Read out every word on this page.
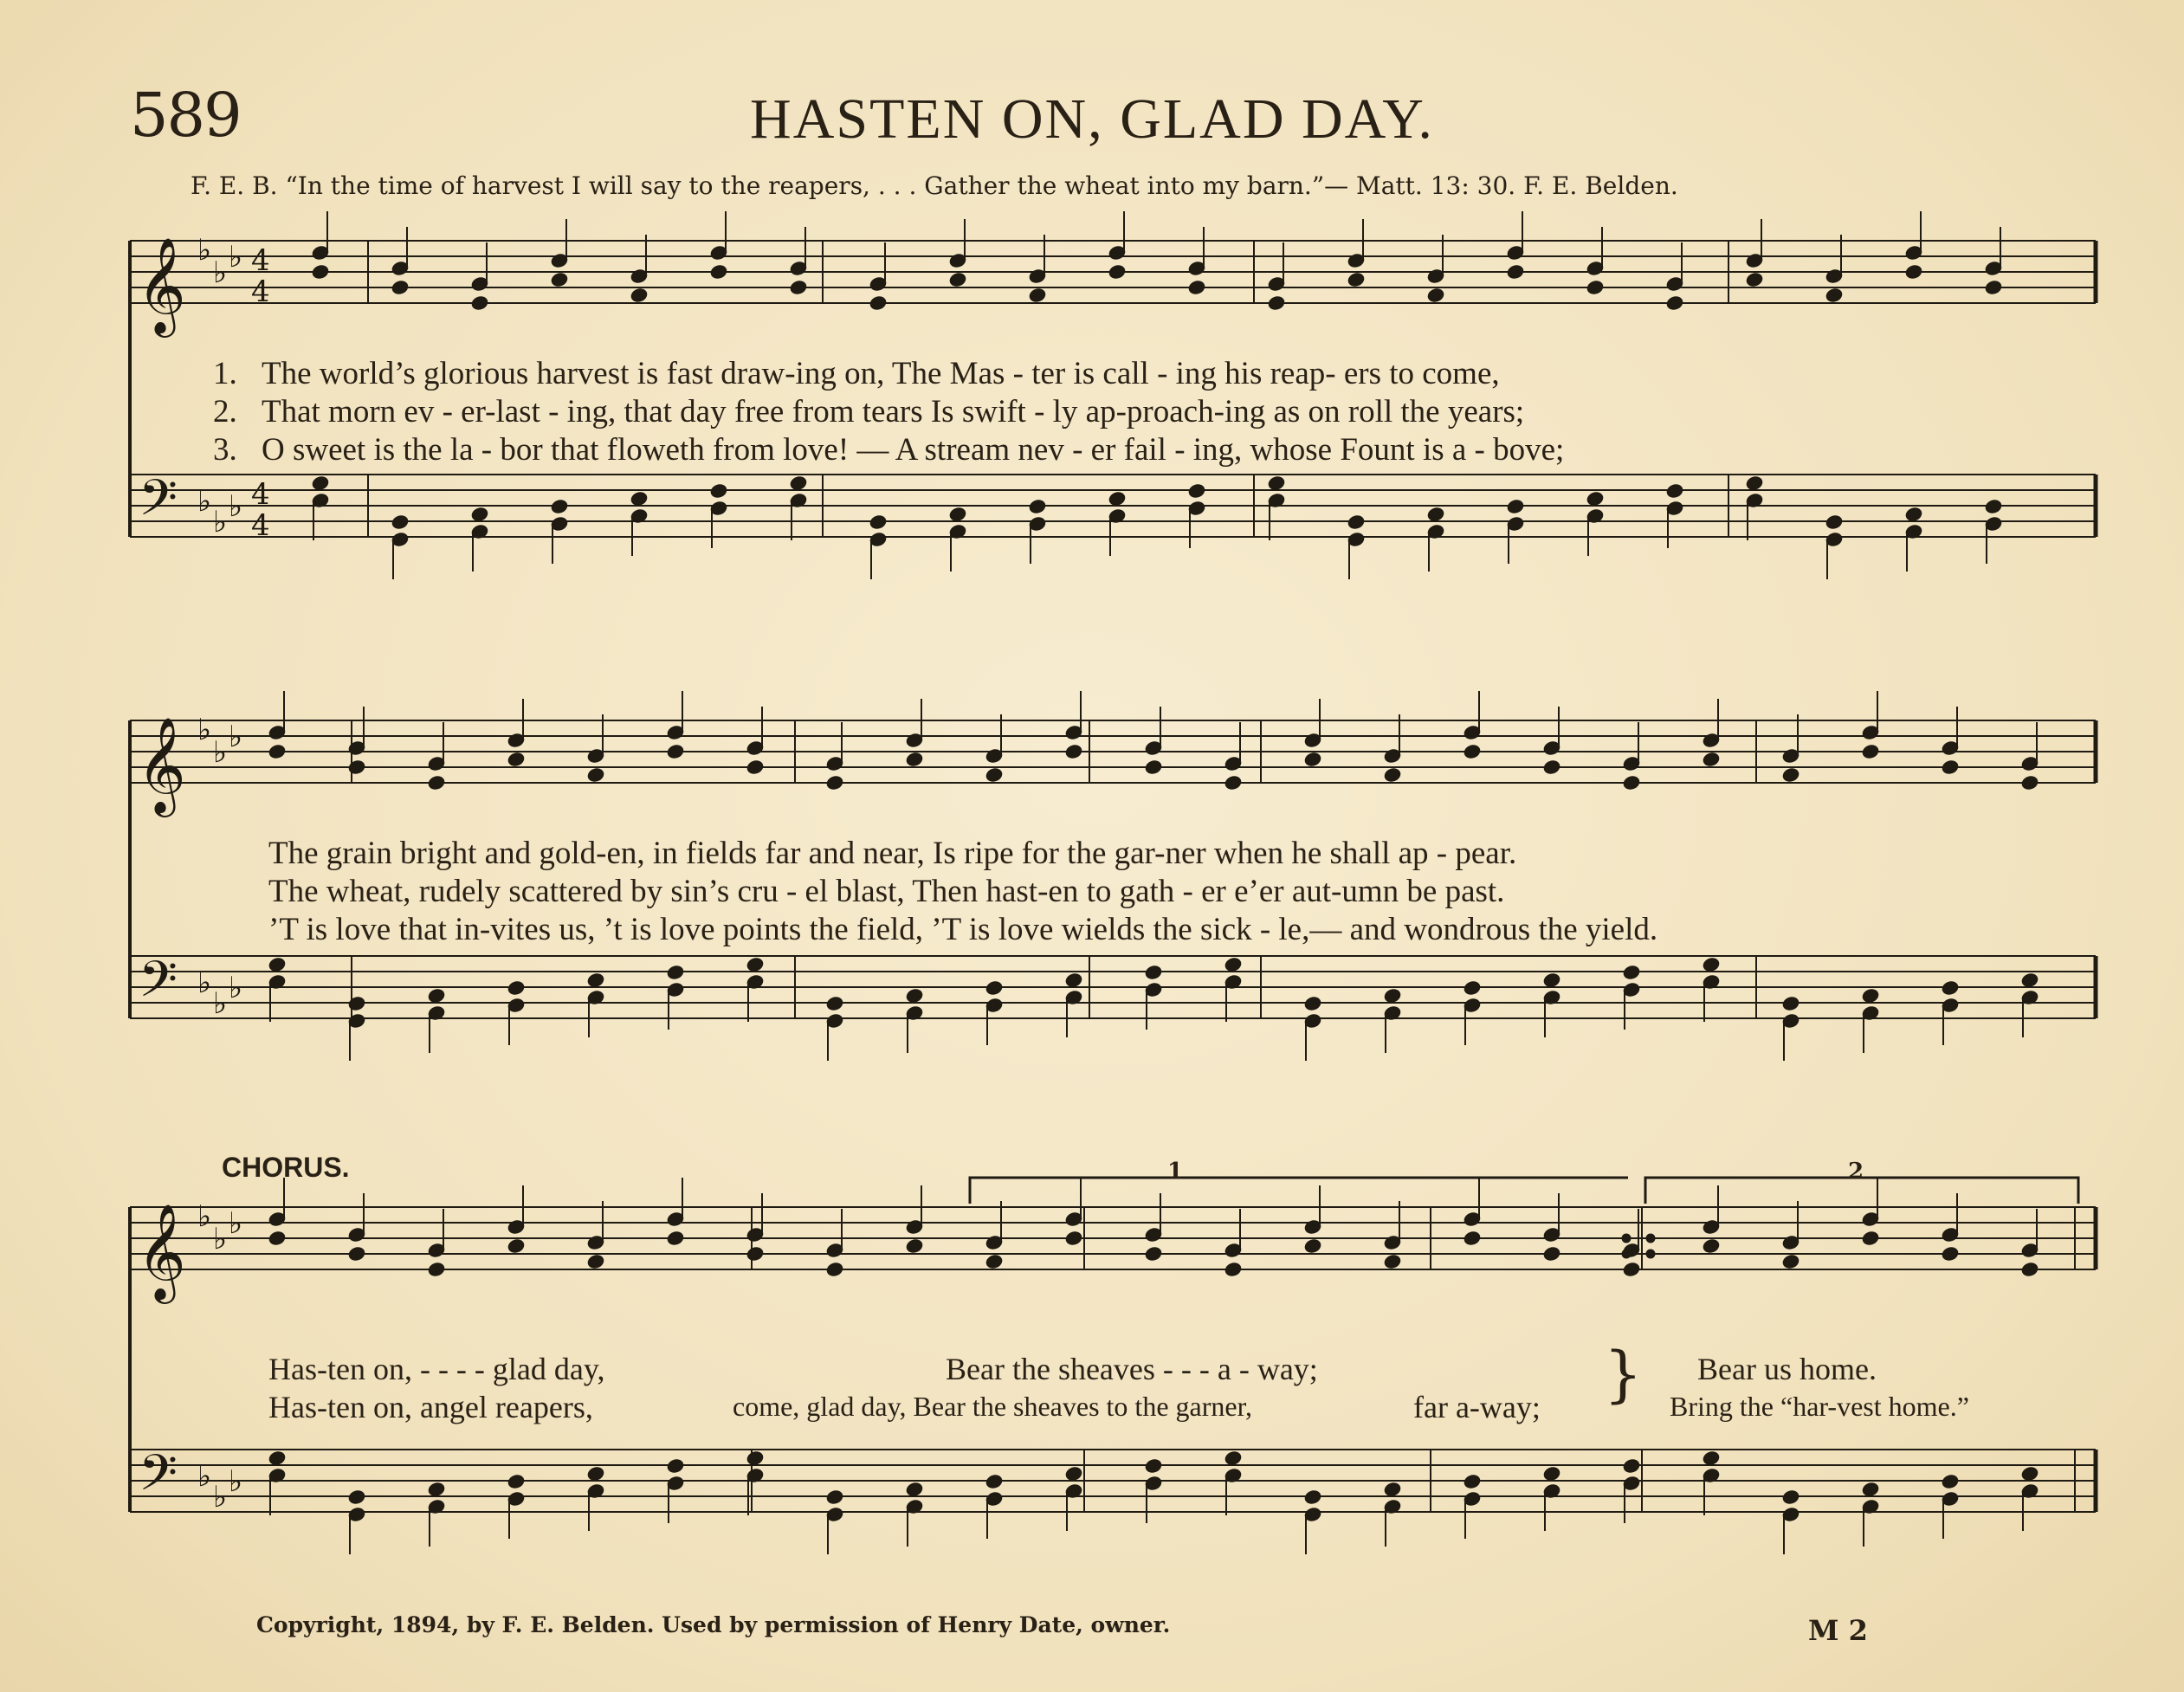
589	HASTEN ON, GLAD DAY.
F. E. B. “In the time of harvest I will say to the reapers, . . . Gather the wheat into my barn.”— Matt. 13: 30. F. E. Belden.
𝄞
𝄢
♭
♭
♭
♭
♭
♭
4
4
4
4
𝄞
𝄢
♭
♭
♭
♭
♭
♭
𝄞
𝄢
♭
♭
♭
♭
♭
♭
1. The world’s glorious harvest is fast draw-ing on, The Mas - ter is call - ing his reap- ers to come,
2. That morn ev - er-last - ing, that day free from tears Is swift - ly ap-proach-ing as on roll the years;
3. O sweet is the la - bor that floweth from love! — A stream nev - er fail - ing, whose Fount is a - bove;
The grain bright and gold-en, in fields far and near, Is ripe for the gar-ner when he shall ap - pear.
The wheat, rudely scattered by sin’s cru - el blast, Then hast-en to gath - er e’er aut-umn be past.
’T is love that in-vites us, ’t is love points the field, ’T is love wields the sick - le,— and wondrous the yield.
CHORUS.	1	2
Has-ten on, - - - - glad day,	Bear the sheaves - - - a - way;	Bear us home.
Has-ten on, angel reapers,	come, glad day, Bear the sheaves to the garner,	far a-way;	Bring the “har-vest home.”
}
Copyright, 1894, by F. E. Belden. Used by permission of Henry Date, owner.	M 2
